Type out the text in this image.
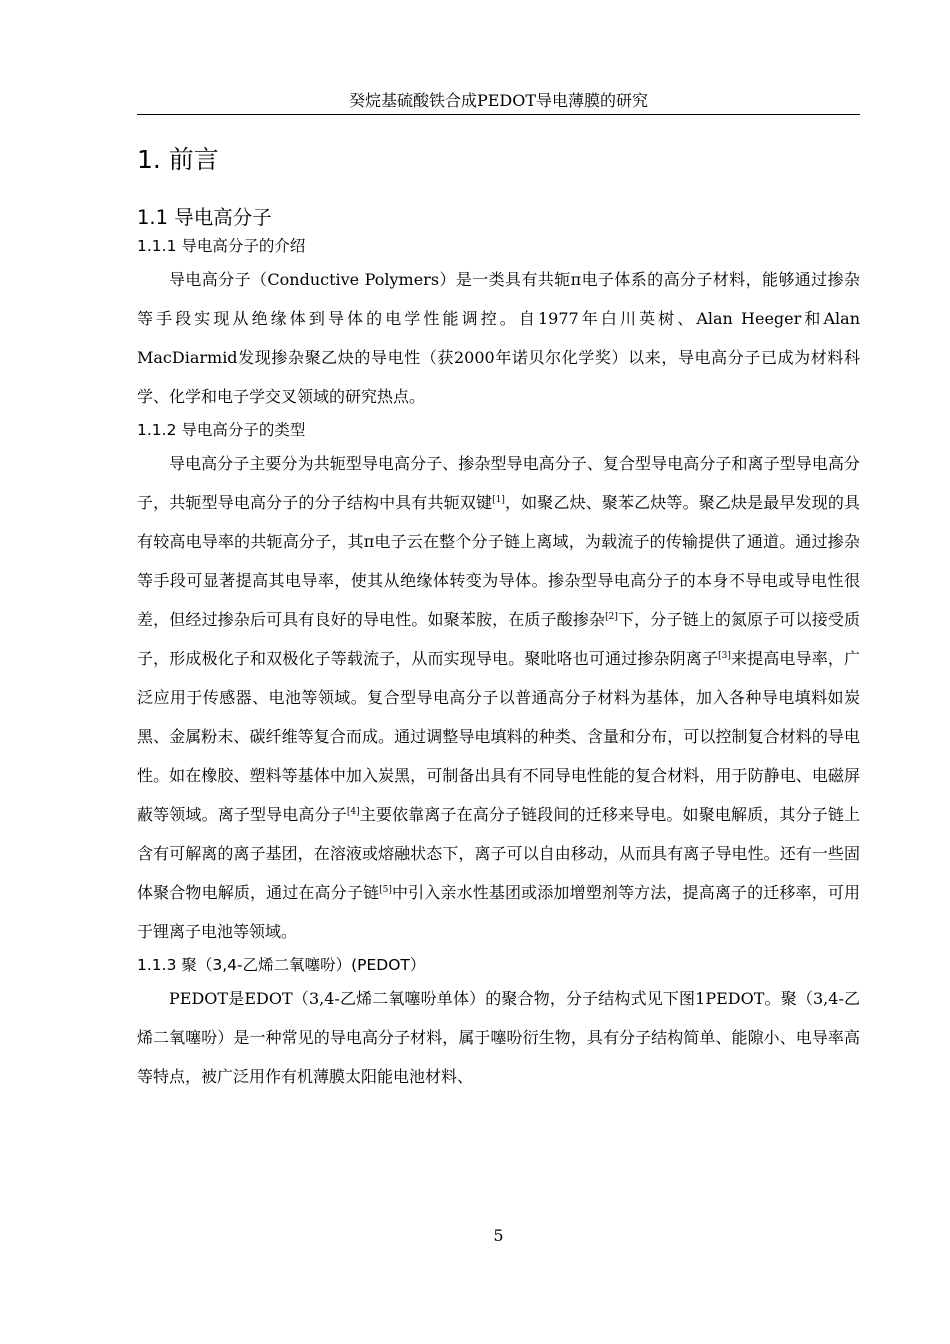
癸烷基硫酸铁合成PEDOT导电薄膜的研究
1. 前言
1.1 导电高分子
1.1.1 导电高分子的介绍

导电高分子（Conductive Polymers）是一类具有共轭π电子体系的高分子材料，能够通过掺杂等手段实现从绝缘体到导体的电学性能调控。自1977年白川英树、Alan Heeger和Alan MacDiarmid发现掺杂聚乙炔的导电性（获2000年诺贝尔化学奖）以来，导电高分子已成为材料科学、化学和电子学交叉领域的研究热点。

1.1.2 导电高分子的类型

导电高分子主要分为共轭型导电高分子、掺杂型导电高分子、复合型导电高分子和离子型导电高分子，共轭型导电高分子的分子结构中具有共轭双键[1]，如聚乙炔、聚苯乙炔等。聚乙炔是最早发现的具有较高电导率的共轭高分子，其π电子云在整个分子链上离域，为载流子的传输提供了通道。通过掺杂等手段可显著提高其电导率，使其从绝缘体转变为导体。掺杂型导电高分子的本身不导电或导电性很差，但经过掺杂后可具有良好的导电性。如聚苯胺，在质子酸掺杂[2]下，分子链上的氮原子可以接受质子，形成极化子和双极化子等载流子，从而实现导电。聚吡咯也可通过掺杂阴离子[3]来提高电导率，广泛应用于传感器、电池等领域。复合型导电高分子以普通高分子材料为基体，加入各种导电填料如炭黑、金属粉末、碳纤维等复合而成。通过调整导电填料的种类、含量和分布，可以控制复合材料的导电性。如在橡胶、塑料等基体中加入炭黑，可制备出具有不同导电性能的复合材料，用于防静电、电磁屏蔽等领域。离子型导电高分子[4]主要依靠离子在高分子链段间的迁移来导电。如聚电解质，其分子链上含有可解离的离子基团，在溶液或熔融状态下，离子可以自由移动，从而具有离子导电性。还有一些固体聚合物电解质，通过在高分子链[5]中引入亲水性基团或添加增塑剂等方法，提高离子的迁移率，可用于锂离子电池等领域。

1.1.3 聚（3,4-乙烯二氧噻吩）(PEDOT）

PEDOT是EDOT（3,4-乙烯二氧噻吩单体）的聚合物，分子结构式见下图1PEDOT。聚（3,4-乙烯二氧噻吩）是一种常见的导电高分子材料，属于噻吩衍生物，具有分子结构简单、能隙小、电导率高等特点，被广泛用作有机薄膜太阳能电池材料、

5
